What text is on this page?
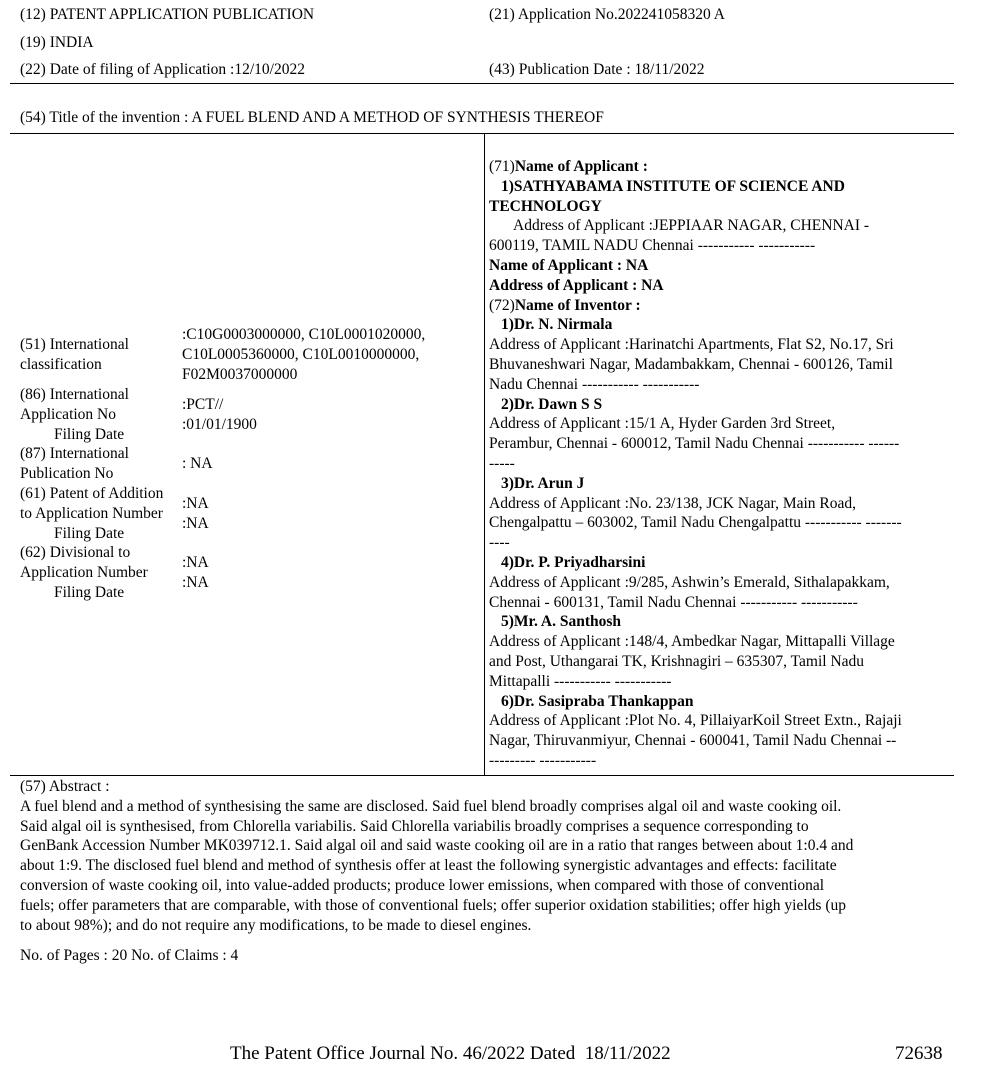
(12) PATENT APPLICATION PUBLICATION
(19) INDIA
(22) Date of filing of Application :12/10/2022
(21) Application No.202241058320 A
(43) Publication Date : 18/11/2022
(54) Title of the invention : A FUEL BLEND AND A METHOD OF SYNTHESIS THEREOF
(51) International
classification
:C10G0003000000, C10L0001020000,
C10L0005360000, C10L0010000000,
F02M0037000000
(86) International
Application No
Filing Date
:PCT//
:01/01/1900
(87) International
Publication No
: NA
(61) Patent of Addition
to Application Number
Filing Date
:NA
:NA
(62) Divisional to
Application Number
Filing Date
:NA
:NA
(71)Name of Applicant :
1)SATHYABAMA INSTITUTE OF SCIENCE AND
TECHNOLOGY
Address of Applicant :JEPPIAAR NAGAR, CHENNAI -
600119, TAMIL NADU Chennai ----------- -----------
Name of Applicant : NA
Address of Applicant : NA
(72)Name of Inventor :
1)Dr. N. Nirmala
Address of Applicant :Harinatchi Apartments, Flat S2, No.17, Sri
Bhuvaneshwari Nagar, Madambakkam, Chennai - 600126, Tamil
Nadu Chennai ----------- -----------
2)Dr. Dawn S S
Address of Applicant :15/1 A, Hyder Garden 3rd Street,
Perambur, Chennai - 600012, Tamil Nadu Chennai ----------- ------
-----
3)Dr. Arun J
Address of Applicant :No. 23/138, JCK Nagar, Main Road,
Chengalpattu – 603002, Tamil Nadu Chengalpattu ----------- -------
----
4)Dr. P. Priyadharsini
Address of Applicant :9/285, Ashwin’s Emerald, Sithalapakkam,
Chennai - 600131, Tamil Nadu Chennai ----------- -----------
5)Mr. A. Santhosh
Address of Applicant :148/4, Ambedkar Nagar, Mittapalli Village
and Post, Uthangarai TK, Krishnagiri – 635307, Tamil Nadu
Mittapalli ----------- -----------
6)Dr. Sasipraba Thankappan
Address of Applicant :Plot No. 4, PillaiyarKoil Street Extn., Rajaji
Nagar, Thiruvanmiyur, Chennai - 600041, Tamil Nadu Chennai --
--------- -----------
(57) Abstract :
A fuel blend and a method of synthesising the same are disclosed. Said fuel blend broadly comprises algal oil and waste cooking oil.
Said algal oil is synthesised, from Chlorella variabilis. Said Chlorella variabilis broadly comprises a sequence corresponding to
GenBank Accession Number MK039712.1. Said algal oil and said waste cooking oil are in a ratio that ranges between about 1:0.4 and
about 1:9. The disclosed fuel blend and method of synthesis offer at least the following synergistic advantages and effects: facilitate
conversion of waste cooking oil, into value-added products; produce lower emissions, when compared with those of conventional
fuels; offer parameters that are comparable, with those of conventional fuels; offer superior oxidation stabilities; offer high yields (up
to about 98%); and do not require any modifications, to be made to diesel engines.
No. of Pages : 20 No. of Claims : 4
The Patent Office Journal No. 46/2022 Dated  18/11/2022	72638
